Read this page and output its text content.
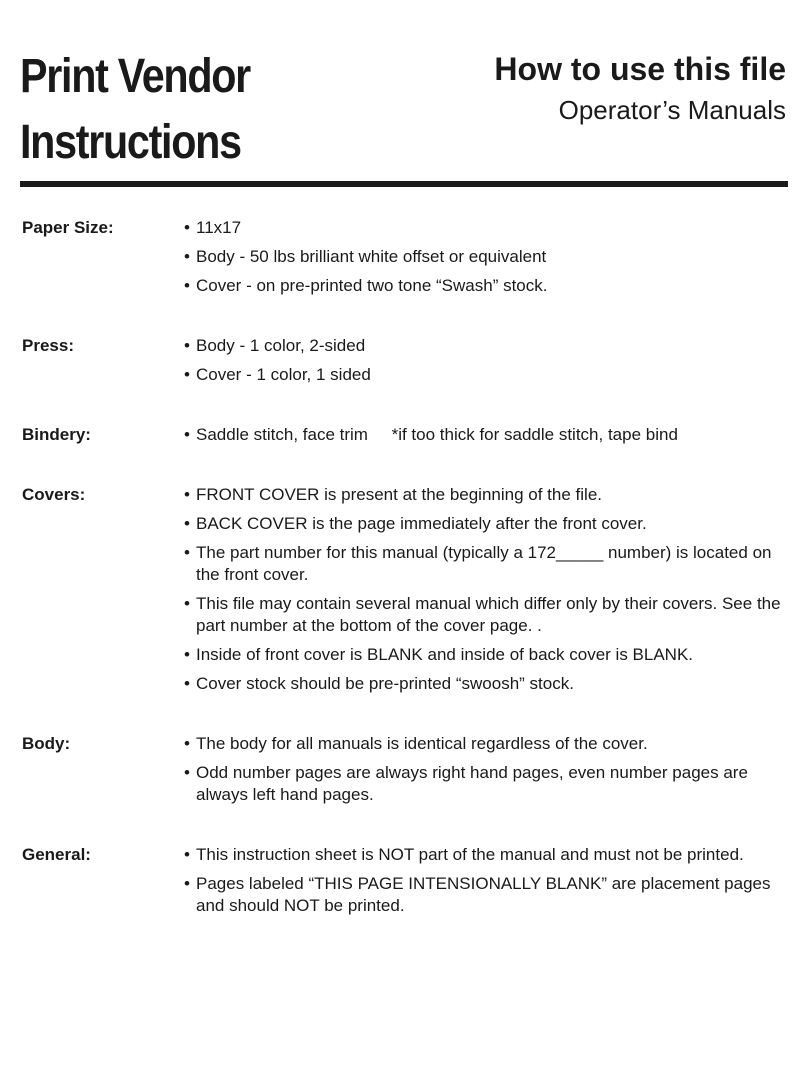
Print Vendor
Instructions
How to use this file
Operator’s Manuals
Paper Size:	• 11x17
• Body - 50 lbs brilliant white offset or equivalent
• Cover - on pre-printed two tone “Swash” stock.
Press:	• Body - 1 color, 2-sided
• Cover - 1 color, 1 sided
Bindery:	• Saddle stitch, face trim     *if too thick for saddle stitch, tape bind
Covers:	• FRONT COVER is present at the beginning of the file.
• BACK COVER is the page immediately after the front cover.
• The part number for this manual (typically a 172_____ number) is located on the front cover.
• This file may contain several manual which differ only by their covers. See the part number at the bottom of the cover page. .
• Inside of front cover is BLANK and inside of back cover is BLANK.
• Cover stock should be pre-printed “swoosh” stock.
Body:	• The body for all manuals is identical regardless of the cover.
• Odd number pages are always right hand pages, even number pages are always left hand pages.
General:	• This instruction sheet is NOT part of the manual and must not be printed.
• Pages labeled “THIS PAGE INTENSIONALLY BLANK” are placement pages and should NOT be printed.
